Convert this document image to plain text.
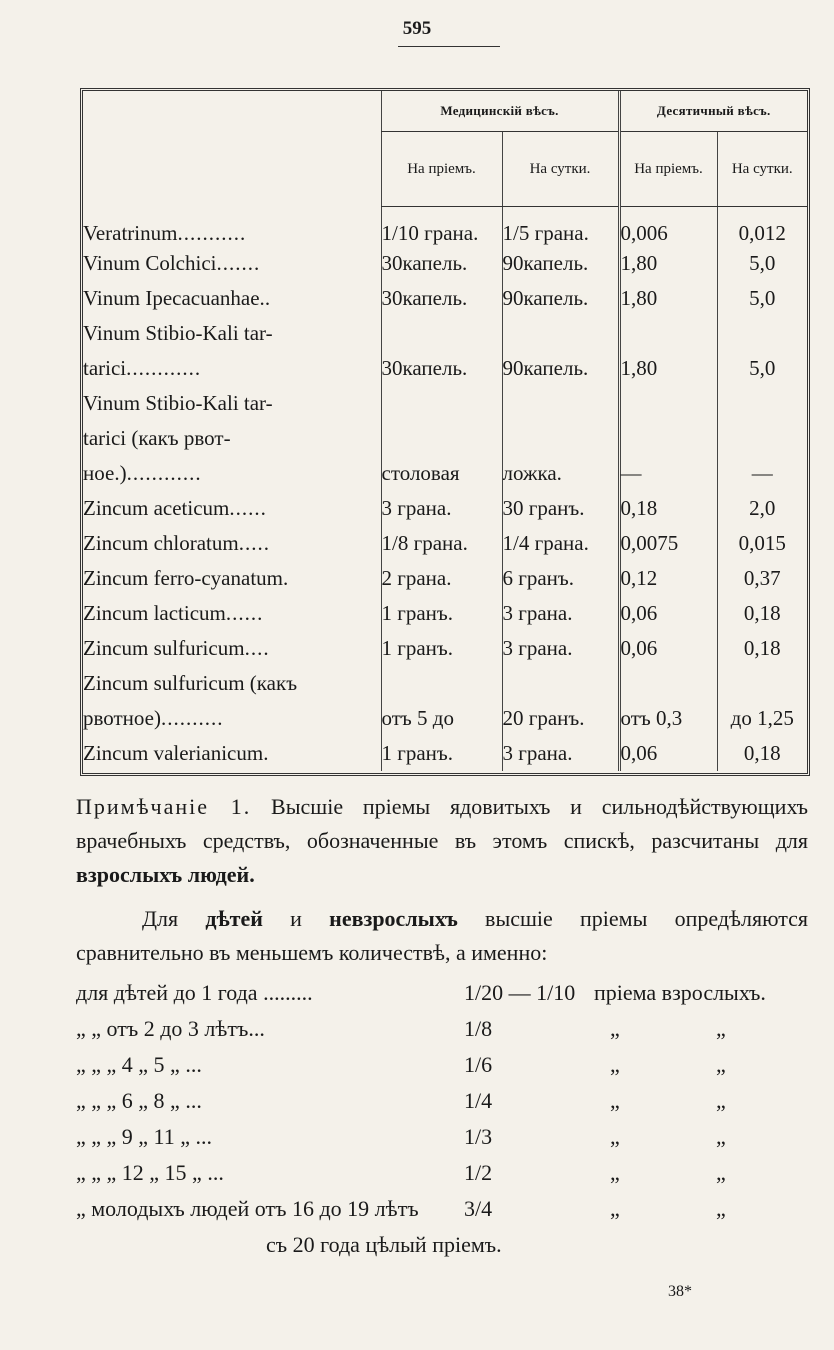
595
	Медицинскій вѣсъ.		Десятичный вѣсъ.	
	На пріемъ.	На сутки.	На пріемъ.	На сутки.
Veratrinum...........	1/10 грана.	1/5 грана.	0,006	0,012
Vinum Colchici.......	30капель.	90капель.	1,80	5,0
Vinum Ipecacuanhae..	30капель.	90капель.	1,80	5,0
Vinum Stibio-Kali tar-				
tarici............	30капель.	90капель.	1,80	5,0
Vinum Stibio-Kali tar-				
tarici (какъ рвот-				
ное.)............	столовая	ложка.	—	—
Zincum aceticum......	3 грана.	30 гранъ.	0,18	2,0
Zincum chloratum.....	1/8 грана.	1/4 грана.	0,0075	0,015
Zincum ferro-cyanatum.	2 грана.	6 гранъ.	0,12	0,37
Zincum lacticum......	1 гранъ.	3 грана.	0,06	0,18
Zincum sulfuricum....	1 гранъ.	3 грана.	0,06	0,18
Zincum sulfuricum (какъ				
рвотное)..........	отъ 5 до	20 гранъ.	отъ 0,3	до 1,25
Zincum valerianicum.	1 гранъ.	3 грана.	0,06	0,18
Примѣчаніе 1. Высшіе пріемы ядовитыхъ и сильнодѣйствующихъ врачебныхъ средствъ, обозначенные въ этомъ спискѣ, разсчитаны для взрослыхъ людей.
Для дѣтей и невзрослыхъ высшіе пріемы опредѣляются сравнительно въ меньшемъ количествѣ, а именно:
для дѣтей до 1 года .........	1/20 — 1/10 пріема взрослыхъ.
„ „ отъ 2 до 3 лѣтъ...	1/8	„	„
„ „ „ 4 „ 5 „ ...	1/6	„	„
„ „ „ 6 „ 8 „ ...	1/4	„	„
„ „ „ 9 „ 11 „ ...	1/3	„	„
„ „ „ 12 „ 15 „ ...	1/2	„	„
„ молодыхъ людей отъ 16 до 19 лѣтъ 3/4	„	„
съ 20 года цѣлый пріемъ.
38*
